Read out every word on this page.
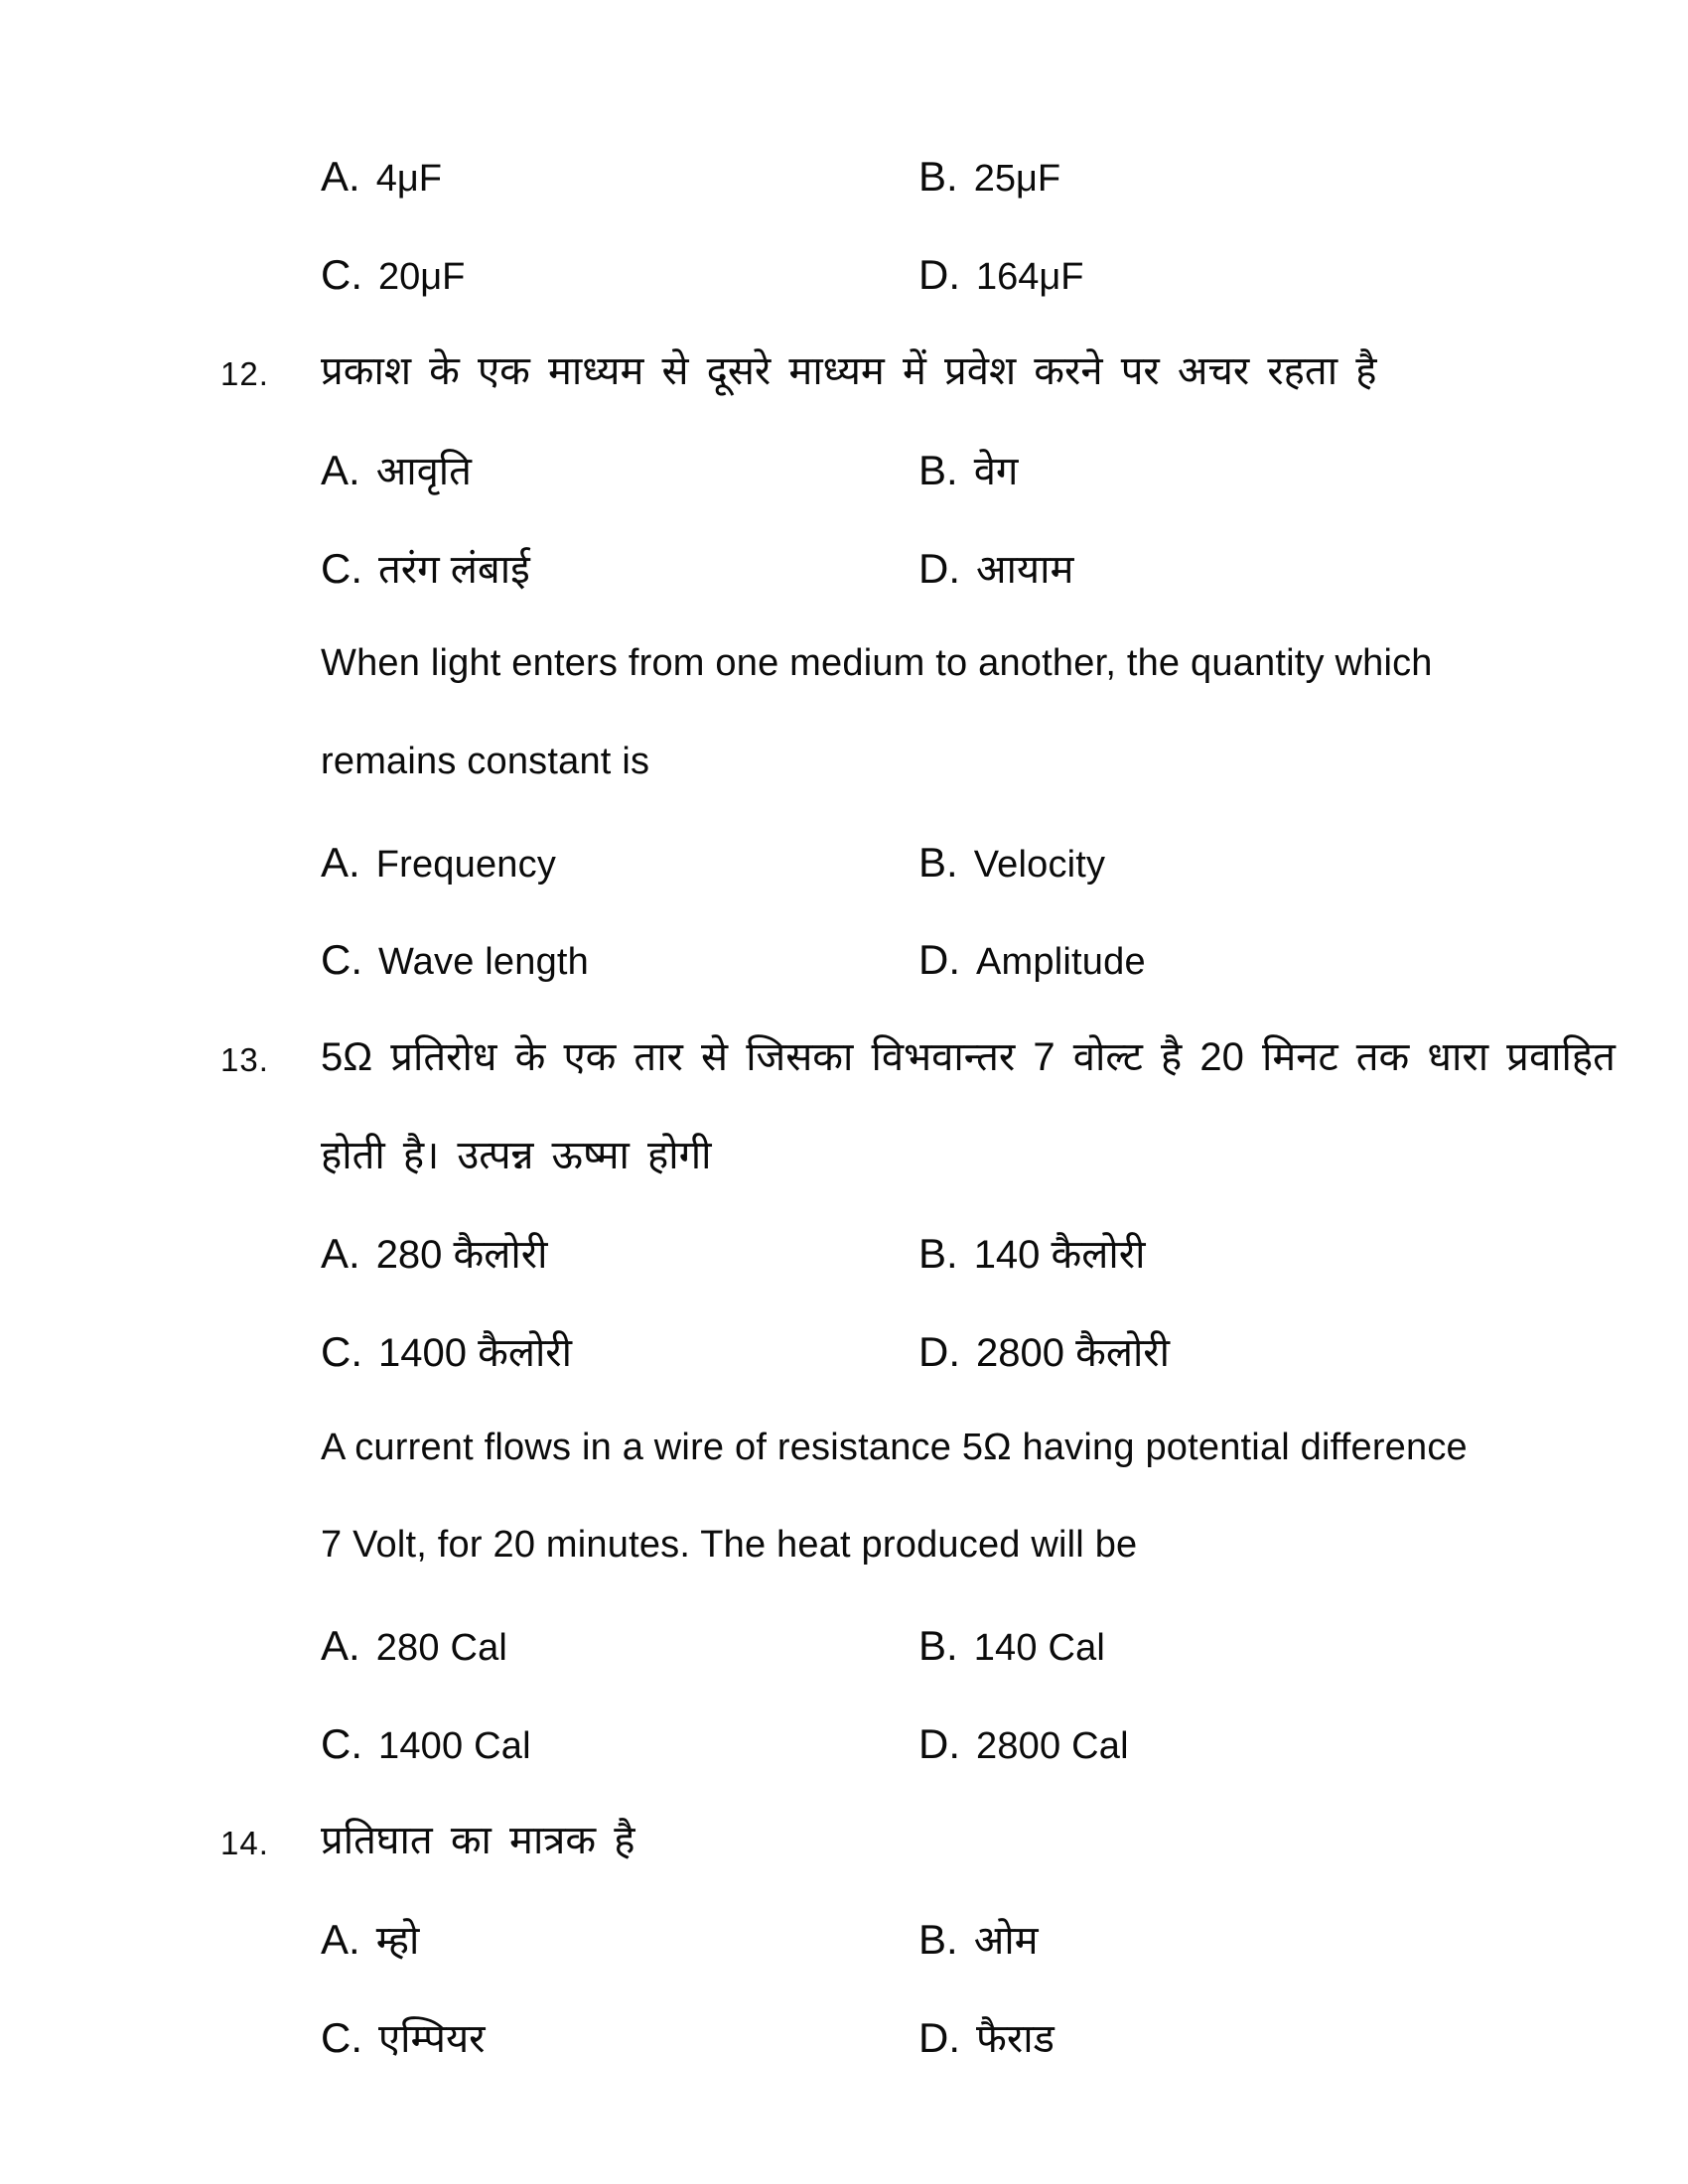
A. 4μF	B. 25μF
C. 20μF	D. 164μF
12. प्रकाश के एक माध्यम से दूसरे माध्यम में प्रवेश करने पर अचर रहता है
A. आवृति	B. वेग
C. तरंग लंबाई	D. आयाम
When light enters from one medium to another, the quantity which
remains constant is
A. Frequency	B. Velocity
C. Wave length	D. Amplitude
13. 5Ω प्रतिरोध के एक तार से जिसका विभवान्तर 7 वोल्ट है 20 मिनट तक धारा प्रवाहित
होती है। उत्पन्न ऊष्मा होगी
A. 280 कैलोरी	B. 140 कैलोरी
C. 1400 कैलोरी	D. 2800 कैलोरी
A current flows in a wire of resistance 5Ω having potential difference
7 Volt, for 20 minutes. The heat produced will be
A. 280 Cal	B. 140 Cal
C. 1400 Cal	D. 2800 Cal
14. प्रतिघात का मात्रक है
A. म्हो	B. ओम
C. एम्पियर	D. फैराड
